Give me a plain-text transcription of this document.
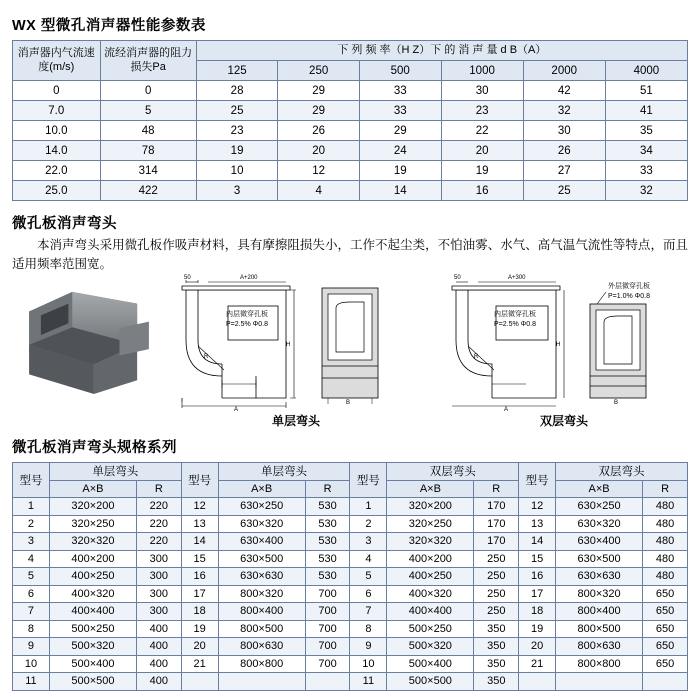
WX 型微孔消声器性能参数表
消声器内气流速度(m/s)	流经消声器的阻力损失Pa	下 列 频 率（H Z）下 的 消 声 量 d B（A）					
		125	250	500	1000	2000	4000
0	0	28	29	33	30	42	51
7.0	5	25	29	33	23	32	41
10.0	48	23	26	29	22	30	35
14.0	78	19	20	24	20	26	34
22.0	314	10	12	19	19	27	33
25.0	422	3	4	14	16	25	32
微孔板消声弯头
本消声弯头采用微孔板作吸声材料，具有摩擦阻损失小，工作不起尘类，不怕油雾、水气、高气温气流性等特点，而且适用频率范围宽。
50	A+200
H
A
R
内层微穿孔板
P=2.5% Φ0.8
B
50	A+300
H
A
R
内层微穿孔板
P=2.5% Φ0.8
外层微穿孔板
P=1.0% Φ0.8
B
单层弯头	双层弯头
微孔板消声弯头规格系列
型号	单层弯头		型号	单层弯头		型号	双层弯头		型号	双层弯头	
	A×B	R		A×B	R		A×B	R		A×B	R
1	320×200	220	12	630×250	530	1	320×200	170	12	630×250	480
2	320×250	220	13	630×320	530	2	320×250	170	13	630×320	480
3	320×320	220	14	630×400	530	3	320×320	170	14	630×400	480
4	400×200	300	15	630×500	530	4	400×200	250	15	630×500	480
5	400×250	300	16	630×630	530	5	400×250	250	16	630×630	480
6	400×320	300	17	800×320	700	6	400×320	250	17	800×320	650
7	400×400	300	18	800×400	700	7	400×400	250	18	800×400	650
8	500×250	400	19	800×500	700	8	500×250	350	19	800×500	650
9	500×320	400	20	800×630	700	9	500×320	350	20	800×630	650
10	500×400	400	21	800×800	700	10	500×400	350	21	800×800	650
11	500×500	400				11	500×500	350			
